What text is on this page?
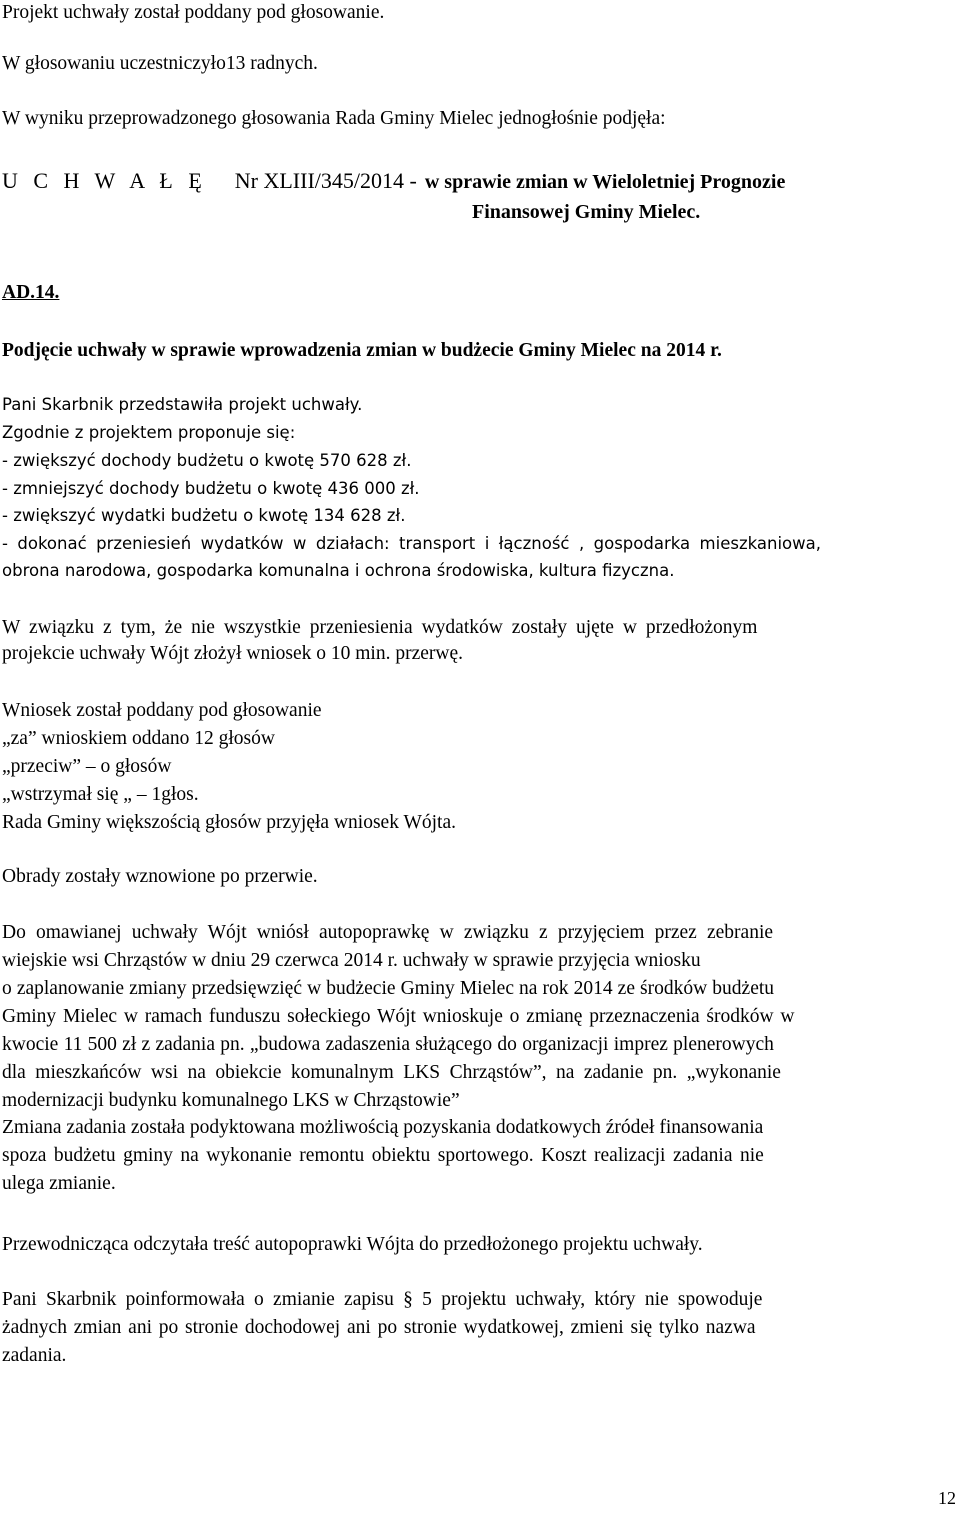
Projekt uchwały został poddany pod głosowanie.
W głosowaniu uczestniczyło13 radnych.
W wyniku przeprowadzonego głosowania Rada Gminy Mielec jednogłośnie podjęła:
U C H W A Ł Ę Nr XLIII/345/2014 - w sprawie zmian w Wieloletniej Prognozie
Finansowej Gminy Mielec.
AD.14.
Podjęcie uchwały w sprawie wprowadzenia zmian w budżecie Gminy Mielec na 2014 r.
Pani Skarbnik przedstawiła projekt uchwały.
Zgodnie z projektem proponuje się:
- zwiększyć dochody budżetu o kwotę 570 628 zł.
- zmniejszyć dochody budżetu o kwotę 436 000 zł.
- zwiększyć wydatki budżetu o kwotę 134 628 zł.
- dokonać przeniesień wydatków w działach: transport i łączność , gospodarka mieszkaniowa,
obrona narodowa, gospodarka komunalna i ochrona środowiska, kultura fizyczna.
W związku z tym, że nie wszystkie przeniesienia wydatków zostały ujęte w przedłożonym
projekcie uchwały Wójt złożył wniosek o 10 min. przerwę.
Wniosek został poddany pod głosowanie
„za” wnioskiem oddano 12 głosów
„przeciw” – o głosów
„wstrzymał się „ – 1głos.
Rada Gminy większością głosów przyjęła wniosek Wójta.
Obrady zostały wznowione po przerwie.
Do omawianej uchwały Wójt wniósł autopoprawkę w związku z przyjęciem przez zebranie
wiejskie wsi Chrząstów w dniu 29 czerwca 2014 r. uchwały w sprawie przyjęcia wniosku
o zaplanowanie zmiany przedsięwzięć w budżecie Gminy Mielec na rok 2014 ze środków budżetu
Gminy Mielec w ramach funduszu sołeckiego Wójt wnioskuje o zmianę przeznaczenia środków w
kwocie 11 500 zł z zadania pn. „budowa zadaszenia służącego do organizacji imprez plenerowych
dla mieszkańców wsi na obiekcie komunalnym LKS Chrząstów”, na zadanie pn. „wykonanie
modernizacji budynku komunalnego LKS w Chrząstowie”
Zmiana zadania została podyktowana możliwością pozyskania dodatkowych źródeł finansowania
spoza budżetu gminy na wykonanie remontu obiektu sportowego. Koszt realizacji zadania nie
ulega zmianie.
Przewodnicząca odczytała treść autopoprawki Wójta do przedłożonego projektu uchwały.
Pani Skarbnik poinformowała o zmianie zapisu § 5 projektu uchwały, który nie spowoduje
żadnych zmian ani po stronie dochodowej ani po stronie wydatkowej, zmieni się tylko nazwa
zadania.
12
